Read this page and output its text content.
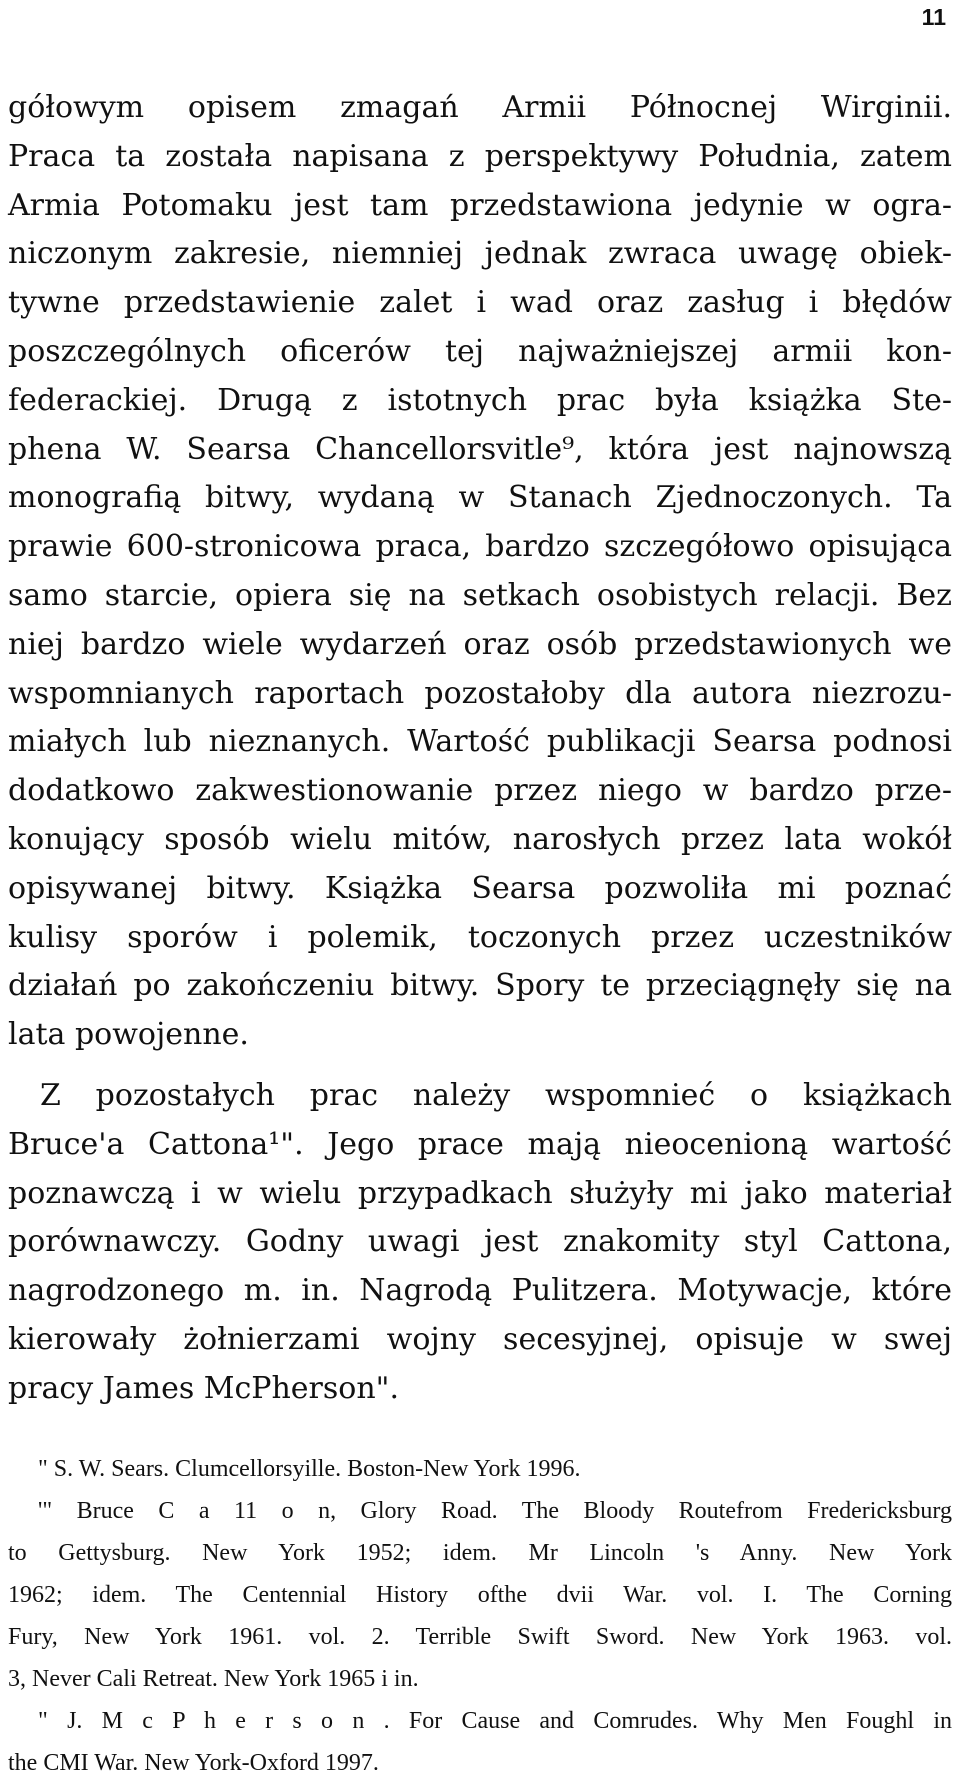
11
gółowym opisem zmagań Armii Północnej Wirginii.
Praca ta została napisana z perspektywy Południa, zatem
Armia Potomaku jest tam przedstawiona jedynie w ogra-
niczonym zakresie, niemniej jednak zwraca uwagę obiek-
tywne przedstawienie zalet i wad oraz zasług i błędów
poszczególnych oficerów tej najważniejszej armii kon-
federackiej. Drugą z istotnych prac była książka Ste-
phena W. Searsa Chancellorsvitle⁹, która jest najnowszą
monografią bitwy, wydaną w Stanach Zjednoczonych. Ta
prawie 600-stronicowa praca, bardzo szczegółowo opisująca
samo starcie, opiera się na setkach osobistych relacji. Bez
niej bardzo wiele wydarzeń oraz osób przedstawionych we
wspomnianych raportach pozostałoby dla autora niezrozu-
miałych lub nieznanych. Wartość publikacji Searsa podnosi
dodatkowo zakwestionowanie przez niego w bardzo prze-
konujący sposób wielu mitów, narosłych przez lata wokół
opisywanej bitwy. Książka Searsa pozwoliła mi poznać
kulisy sporów i polemik, toczonych przez uczestników
działań po zakończeniu bitwy. Spory te przeciągnęły się na
lata powojenne.
Z pozostałych prac należy wspomnieć o książkach
Bruce'a Cattona¹". Jego prace mają nieocenioną wartość
poznawczą i w wielu przypadkach służyły mi jako materiał
porównawczy. Godny uwagi jest znakomity styl Cattona,
nagrodzonego m. in. Nagrodą Pulitzera. Motywacje, które
kierowały żołnierzami wojny secesyjnej, opisuje w swej
pracy James McPherson".
" S. W. Sears. Clumcellorsyille. Boston-New York 1996.
'" Bruce C a 11 o n, Glory Road. The Bloody Routefrom Fredericksburg
to Gettysburg. New York 1952; idem. Mr Lincoln 's Anny. New York
1962; idem. The Centennial History ofthe dvii War. vol. I. The Corning
Fury, New York 1961. vol. 2. Terrible Swift Sword. New York 1963. vol.
3, Never Cali Retreat. New York 1965 i in.
" J. M c P h e r s o n . For Cause and Comrudes. Why Men Foughl in
the CMI War. New York-Oxford 1997.
